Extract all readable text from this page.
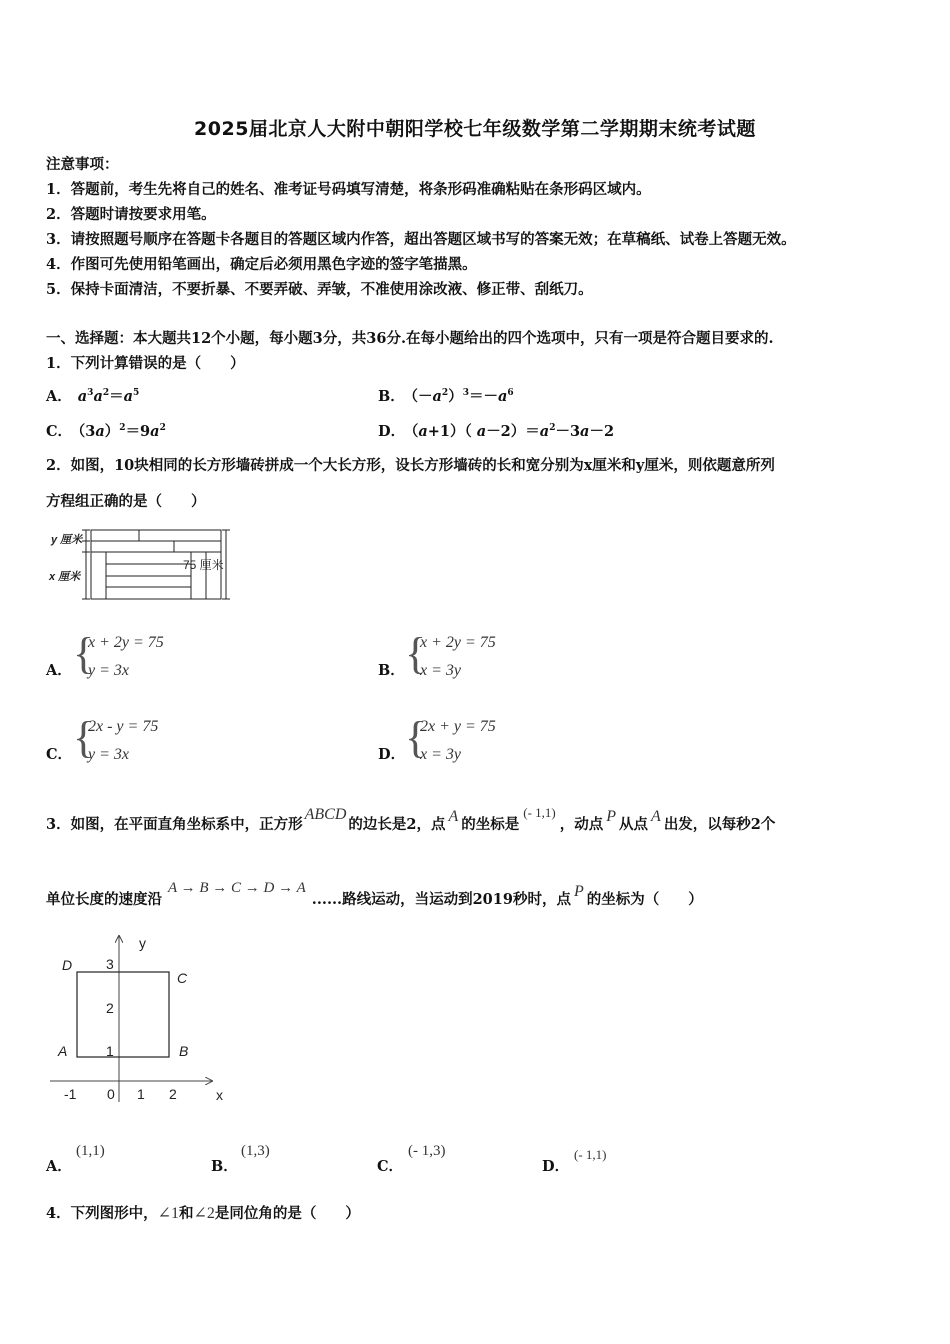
2025届北京人大附中朝阳学校七年级数学第二学期期末统考试题
注意事项：
1．答题前，考生先将自己的姓名、准考证号码填写清楚，将条形码准确粘贴在条形码区域内。
2．答题时请按要求用笔。
3．请按照题号顺序在答题卡各题目的答题区域内作答，超出答题区域书写的答案无效；在草稿纸、试卷上答题无效。
4．作图可先使用铅笔画出，确定后必须用黑色字迹的签字笔描黑。
5．保持卡面清洁，不要折暴、不要弄破、弄皱，不准使用涂改液、修正带、刮纸刀。
一、选择题：本大题共12个小题，每小题3分，共36分.在每小题给出的四个选项中，只有一项是符合题目要求的.
1．下列计算错误的是（　　）
A． $a^3a^2=a^5$	B． $(-a^2)^3=-a^6$
C． $(3a)^2=9a^2$	D． （a+1）（ $a-2)=a^2-3a-2$
2．如图，10块相同的长方形墙砖拼成一个大长方形，设长方形墙砖的长和宽分别为x厘米和y厘米，则依题意所列
方程组正确的是（　　）
y 厘米
x 厘米
75 厘米
A． {
x + 2y = 75
y = 3x	B． {
x + 2y = 75
x = 3y
C． {
2x - y = 75
y = 3x	D． {
2x + y = 75
x = 3y
3．如图，在平面直角坐标系中，正方形ABCD的边长是2，点 A 的坐标是(- 1,1)，动点 P 从点 A 出发，以每秒2个
单位长度的速度沿A → B → C → D → A......路线运动，当运动到2019秒时，点 P 的坐标为（　　）
y
x
D
C
A	B
3
2
1
-1 0 1 2
A．
(1,1)
B．
(1,3)
C．
(- 1,3)
D．
(- 1,1)
4．下列图形中，∠1和∠2是同位角的是（　　）
